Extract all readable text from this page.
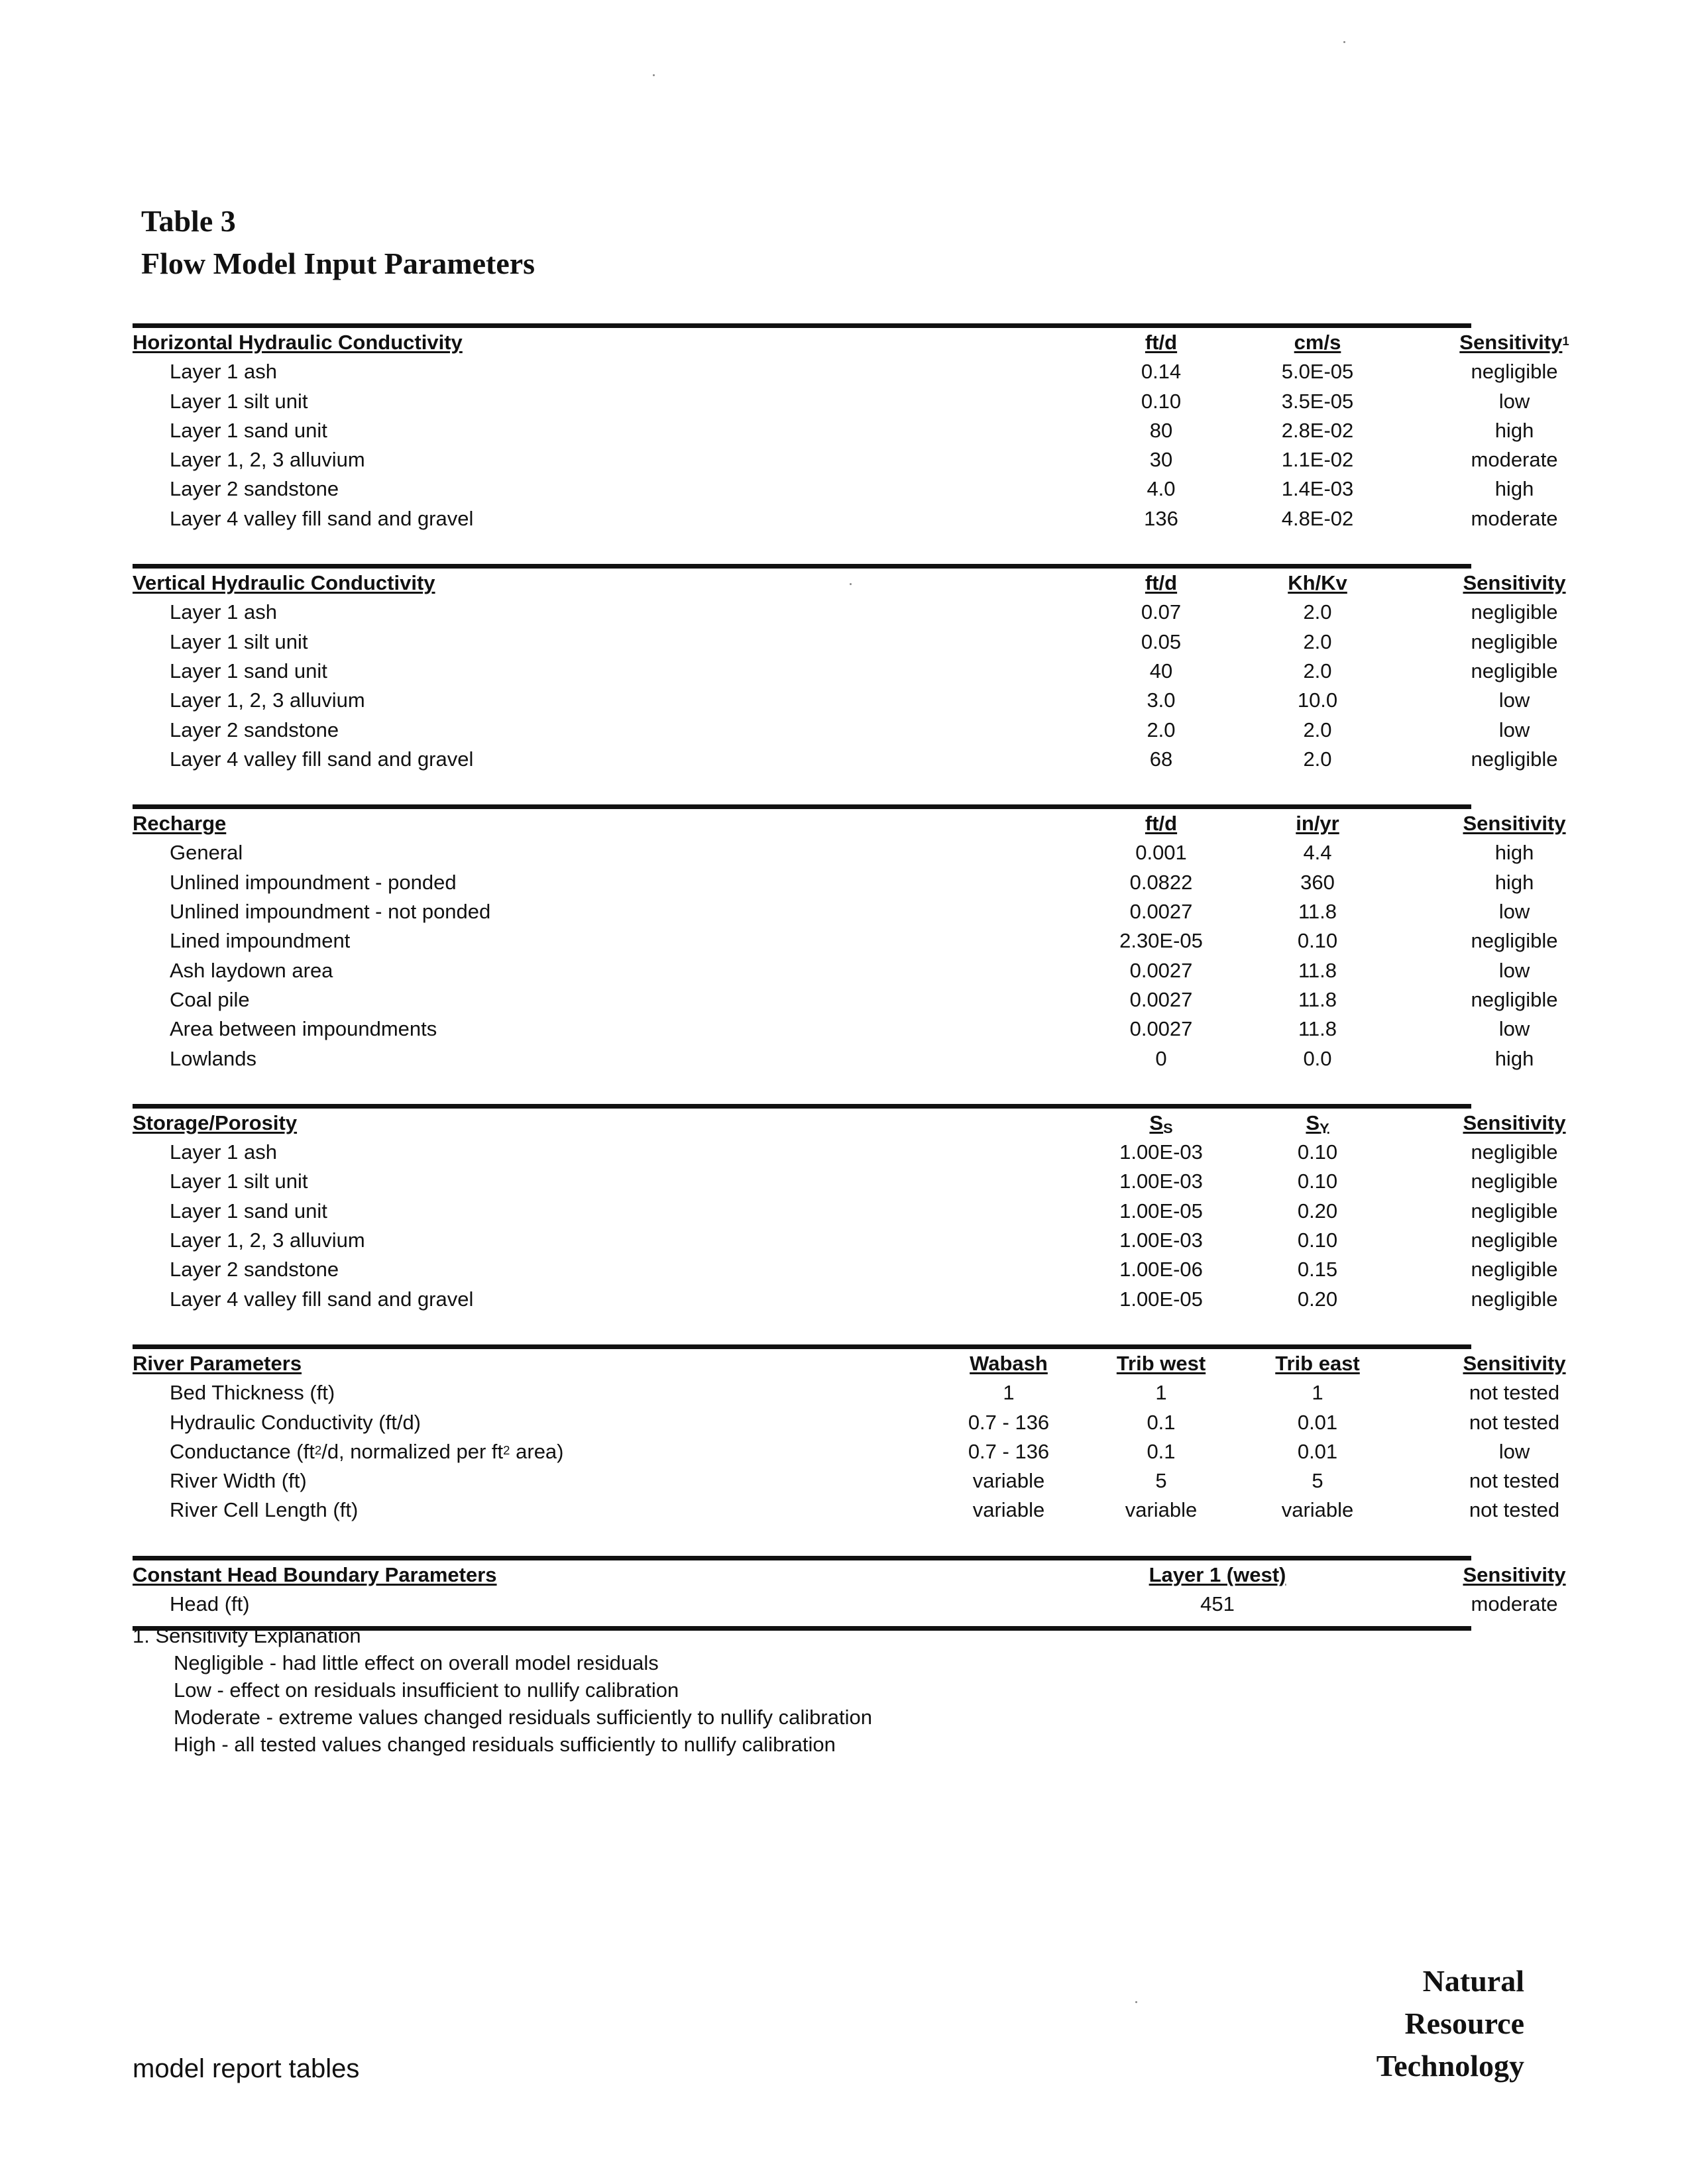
Table 3
Flow Model Input Parameters
Horizontal Hydraulic Conductivity	ft/d	cm/s	Sensitivity$^1$
Layer 1 ash	0.14	5.0E-05	negligible
Layer 1 silt unit	0.10	3.5E-05	low
Layer 1 sand unit	80	2.8E-02	high
Layer 1, 2, 3 alluvium	30	1.1E-02	moderate
Layer 2 sandstone	4.0	1.4E-03	high
Layer 4 valley fill sand and gravel	136	4.8E-02	moderate
Vertical Hydraulic Conductivity	ft/d	Kh/Kv	Sensitivity
Layer 1 ash	0.07	2.0	negligible
Layer 1 silt unit	0.05	2.0	negligible
Layer 1 sand unit	40	2.0	negligible
Layer 1, 2, 3 alluvium	3.0	10.0	low
Layer 2 sandstone	2.0	2.0	low
Layer 4 valley fill sand and gravel	68	2.0	negligible
Recharge	ft/d	in/yr	Sensitivity
General	0.001	4.4	high
Unlined impoundment - ponded	0.0822	360	high
Unlined impoundment - not ponded	0.0027	11.8	low
Lined impoundment	2.30E-05	0.10	negligible
Ash laydown area	0.0027	11.8	low
Coal pile	0.0027	11.8	negligible
Area between impoundments	0.0027	11.8	low
Lowlands	0	0.0	high
Storage/Porosity	$S_S$	$S_Y$	Sensitivity
Layer 1 ash	1.00E-03	0.10	negligible
Layer 1 silt unit	1.00E-03	0.10	negligible
Layer 1 sand unit	1.00E-05	0.20	negligible
Layer 1, 2, 3 alluvium	1.00E-03	0.10	negligible
Layer 2 sandstone	1.00E-06	0.15	negligible
Layer 4 valley fill sand and gravel	1.00E-05	0.20	negligible
River Parameters	Wabash	Trib west	Trib east	Sensitivity
Bed Thickness (ft)	1	1	1	not tested
Hydraulic Conductivity (ft/d)	0.7 - 136	0.1	0.01	not tested
Conductance ($ft^2/d$, normalized per $ft^2$ area)	0.7 - 136	0.1	0.01	low
River Width (ft)	variable	5	5	not tested
River Cell Length (ft)	variable	variable	variable	not tested
Constant Head Boundary Parameters	Layer 1 (west)	Sensitivity
Head (ft)	451	moderate
1. Sensitivity Explanation
Negligible - had little effect on overall model residuals
Low - effect on residuals insufficient to nullify calibration
Moderate - extreme values changed residuals sufficiently to nullify calibration
High - all tested values changed residuals sufficiently to nullify calibration
model report tables
Natural
Resource
Technology
